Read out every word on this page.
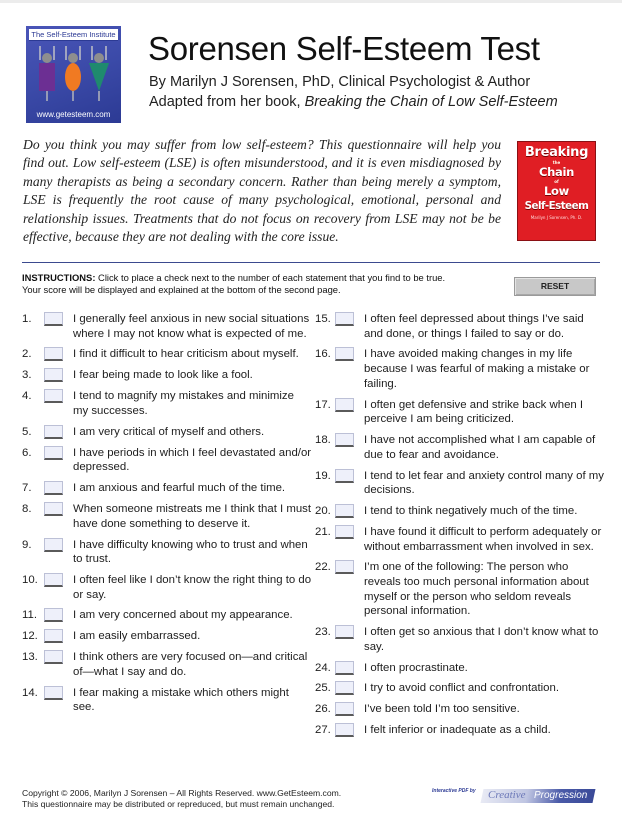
The Self-Esteem Institute
www.getesteem.com
Sorensen Self-Esteem Test
By Marilyn J Sorensen, PhD, Clinical Psychologist & Author
Adapted from her book, Breaking the Chain of Low Self-Esteem
Do you think you may suffer from low self-esteem? This questionnaire will help you find out. Low self-esteem (LSE) is often misunderstood, and it is even misdiagnosed by many therapists as being a secondary concern. Rather than being merely a symptom, LSE is frequently the root cause of many psychological, emotional, personal and relationship issues. Treatments that do not focus on recovery from LSE may not be be effective, because they are not dealing with the core issue.
Breaking
the
Chain
of
Low
Self-Esteem
Marilyn J Sorensen, Ph. D.
INSTRUCTIONS: Click to place a check next to the number of each statement that you find to be true.
Your score will be displayed and explained at the bottom of the second page.	RESET
1.	I generally feel anxious in new social situations where I may not know what is expected of me.
2.	I find it difficult to hear criticism about myself.
3.	I fear being made to look like a fool.
4.	I tend to magnify my mistakes and minimize my successes.
5.	I am very critical of myself and others.
6.	I have periods in which I feel devastated and/or depressed.
7.	I am anxious and fearful much of the time.
8.	When someone mistreats me I think that I must have done something to deserve it.
9.	I have difficulty knowing who to trust and when to trust.
10.	I often feel like I don’t know the right thing to do or say.
11.	I am very concerned about my appearance.
12.	I am easily embarrassed.
13.	I think others are very focused on—and critical of—what I say and do.
14.	I fear making a mistake which others might see.
15.	I often feel depressed about things I’ve said and done, or things I failed to say or do.
16.	I have avoided making changes in my life because I was fearful of making a mistake or failing.
17.	I often get defensive and strike back when I perceive I am being criticized.
18.	I have not accomplished what I am capable of due to fear and avoidance.
19.	I tend to let fear and anxiety control many of my decisions.
20.	I tend to think negatively much of the time.
21.	I have found it difficult to perform adequately or without embarrassment when involved in sex.
22.	I’m one of the following: The person who reveals too much personal information about myself or the person who seldom reveals personal information.
23.	I often get so anxious that I don’t know what to say.
24.	I often procrastinate.
25.	I try to avoid conflict and confrontation.
26.	I’ve been told I’m too sensitive.
27.	I felt inferior or inadequate as a child.
Copyright © 2006, Marilyn J Sorensen – All Rights Reserved. www.GetEsteem.com.
This questionnaire may be distributed or repreduced, but must remain unchanged.
Interactive PDF by Creative Progression
